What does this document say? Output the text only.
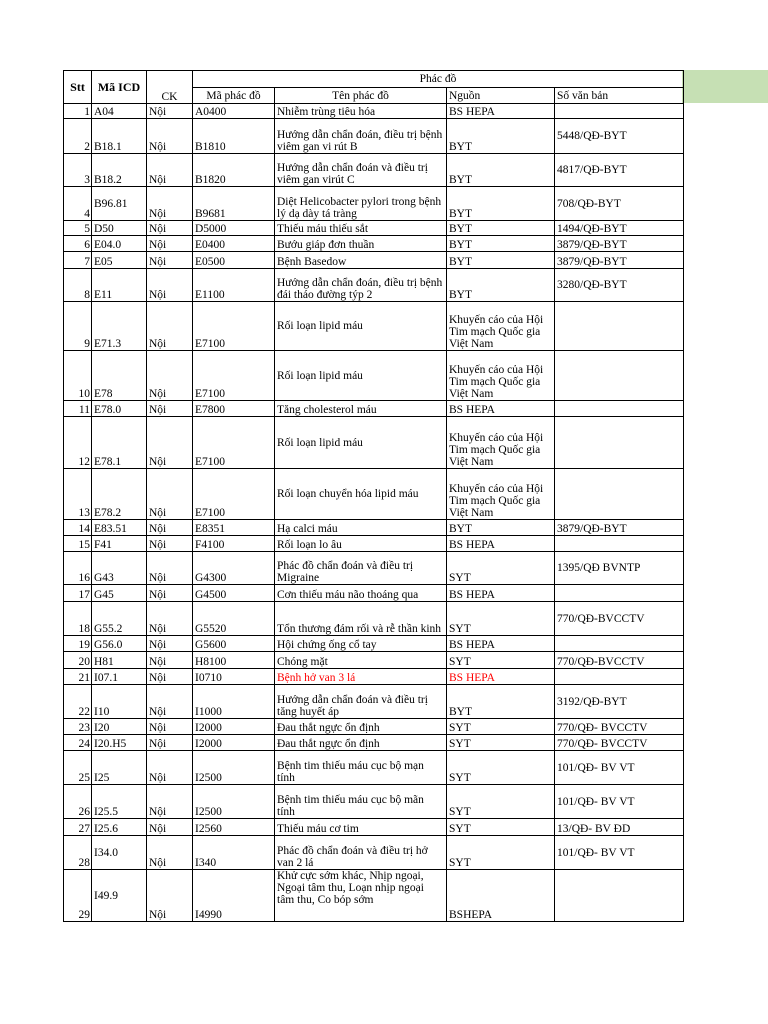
Stt	Mã ICD	CK	Phác đồ			
			Mã phác đồ	Tên phác đồ	Nguồn	Số văn bản
1	A04	Nội	A0400	Nhiễm trùng tiêu hóa	BS HEPA	
2	B18.1	Nội	B1810	Hướng dẫn chẩn đoán, điều trị bệnh viêm gan vi rút B	BYT	5448/QĐ-BYT
3	B18.2	Nội	B1820	Hướng dẫn chẩn đoán và điều trị viêm gan virút C	BYT	4817/QĐ-BYT
4	B96.81	Nội	B9681	Diệt Helicobacter pylori trong bệnh lý dạ dày tá tràng	BYT	708/QĐ-BYT
5	D50	Nội	D5000	Thiếu máu thiếu sắt	BYT	1494/QĐ-BYT
6	E04.0	Nội	E0400	Bướu giáp đơn thuần	BYT	3879/QĐ-BYT
7	E05	Nội	E0500	Bệnh Basedow	BYT	3879/QĐ-BYT
8	E11	Nội	E1100	Hướng dẫn chẩn đoán, điều trị bệnh đái tháo đường týp 2	BYT	3280/QĐ-BYT
9	E71.3	Nội	E7100	Rối loạn lipid máu	Khuyến cáo của Hội Tim mạch Quốc gia Việt Nam	
10	E78	Nội	E7100	Rối loạn lipid máu	Khuyến cáo của Hội Tim mạch Quốc gia Việt Nam	
11	E78.0	Nội	E7800	Tăng cholesterol máu	BS HEPA	
12	E78.1	Nội	E7100	Rối loạn lipid máu	Khuyến cáo của Hội Tim mạch Quốc gia Việt Nam	
13	E78.2	Nội	E7100	Rối loạn chuyển hóa lipid máu	Khuyến cáo của Hội Tim mạch Quốc gia Việt Nam	
14	E83.51	Nội	E8351	Hạ calci máu	BYT	3879/QĐ-BYT
15	F41	Nội	F4100	Rối loạn lo âu	BS HEPA	
16	G43	Nội	G4300	Phác đồ chẩn đoán và điều trị Migraine	SYT	1395/QĐ BVNTP
17	G45	Nội	G4500	Cơn thiếu máu não thoáng qua	BS HEPA	
18	G55.2	Nội	G5520	Tổn thương đám rối và rễ thần kinh	SYT	770/QĐ-BVCCTV
19	G56.0	Nội	G5600	Hội chứng ống cổ tay	BS HEPA	
20	H81	Nội	H8100	Chóng mặt	SYT	770/QĐ-BVCCTV
21	I07.1	Nội	I0710	Bệnh hở van 3 lá	BS HEPA	
22	I10	Nội	I1000	Hướng dẫn chẩn đoán và điều trị tăng huyết áp	BYT	3192/QĐ-BYT
23	I20	Nội	I2000	Đau thắt ngực ổn định	SYT	770/QĐ- BVCCTV
24	I20.H5	Nội	I2000	Đau thắt ngực ổn định	SYT	770/QĐ- BVCCTV
25	I25	Nội	I2500	Bệnh tim thiếu máu cục bộ mạn tính	SYT	101/QĐ- BV VT
26	I25.5	Nội	I2500	Bệnh tim thiếu máu cục bộ mãn tính	SYT	101/QĐ- BV VT
27	I25.6	Nội	I2560	Thiếu máu cơ tim	SYT	13/QĐ- BV ĐD
28	I34.0	Nội	I340	Phác đồ chẩn đoán và điều trị hở van 2 lá	SYT	101/QĐ- BV VT
29	I49.9	Nội	I4990	Khử cực sớm khác, Nhịp ngoại, Ngoại tâm thu, Loạn nhịp ngoại tâm thu, Co bóp sớm	BSHEPA	
